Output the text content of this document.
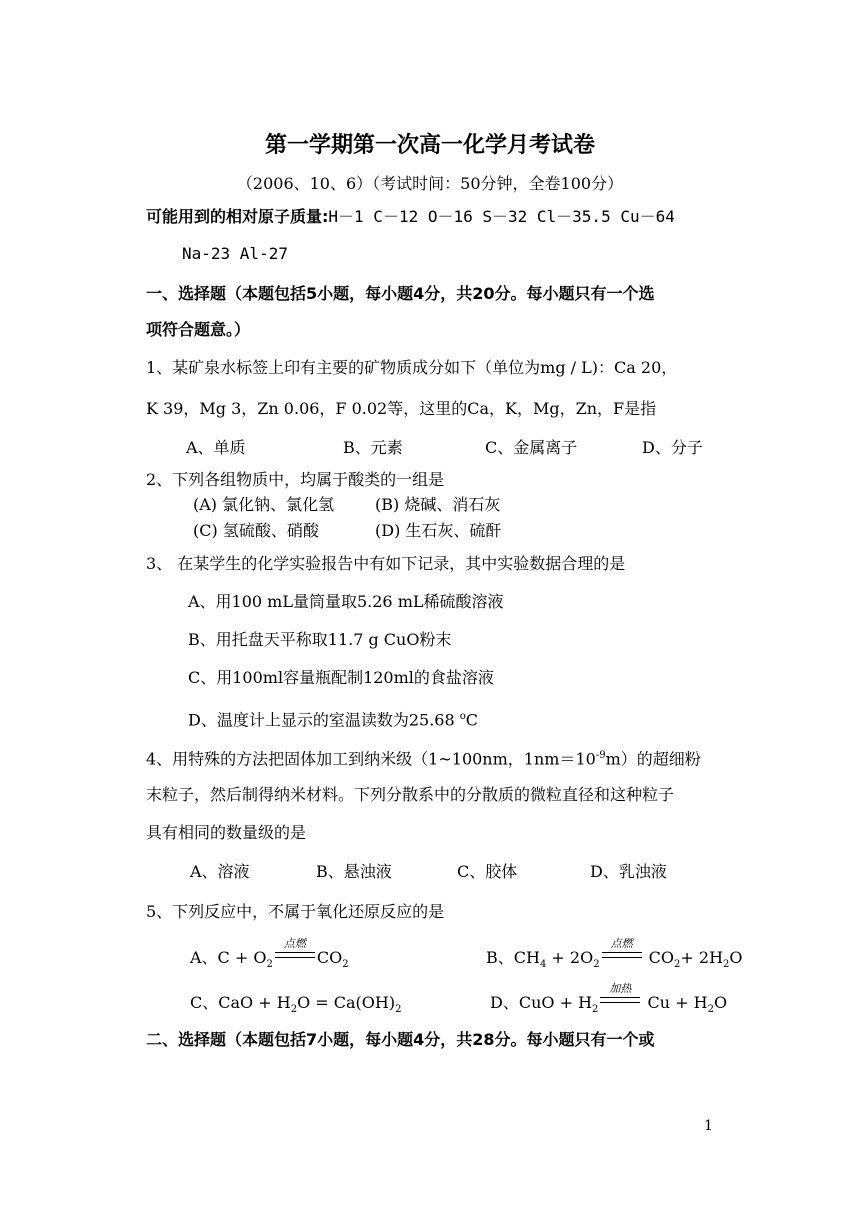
第一学期第一次高一化学月考试卷
（2006、10、6）（考试时间：50分钟，全卷100分）
可能用到的相对原子质量:H－1 C－12 O－16 S－32 Cl－35.5 Cu－64
Na-23 Al-27
一、选择题（本题包括5小题，每小题4分，共20分。每小题只有一个选
项符合题意。）
1、某矿泉水标签上印有主要的矿物质成分如下（单位为mg / L)：Ca 20，
K 39，Mg 3，Zn 0.06，F 0.02等，这里的Ca，K，Mg，Zn，F是指
A、单质	B、元素	C、金属离子	D、分子
2、下列各组物质中，均属于酸类的一组是
(A) 氯化钠、氯化氢	(B) 烧碱、消石灰
(C) 氢硫酸、硝酸	(D) 生石灰、硫酐
3、 在某学生的化学实验报告中有如下记录，其中实验数据合理的是
A、用100 mL量筒量取5.26 mL稀硫酸溶液
B、用托盘天平称取11.7 g CuO粉末
C、用100ml容量瓶配制120ml的食盐溶液
D、温度计上显示的室温读数为25.68 $^o$C
4、用特殊的方法把固体加工到纳米级（1~100nm，$1nm=10^{-9}m$）的超细粉
末粒子，然后制得纳米材料。下列分散系中的分散质的微粒直径和这种粒子
具有相同的数量级的是
A、溶液	B、悬浊液	C、胶体	D、乳浊液
5、下列反应中，不属于氧化还原反应的是
A、$C + O_2$
点燃
$CO_2$	B、$CH_4 + 2O_2$
点燃
$CO_2+ 2H_2O$
C、CaO + $H_2O = Ca(OH)_2$	D、CuO + $H_2$
加热
$Cu + H_2O$
二、选择题（本题包括7小题，每小题4分，共28分。每小题只有一个或
1
